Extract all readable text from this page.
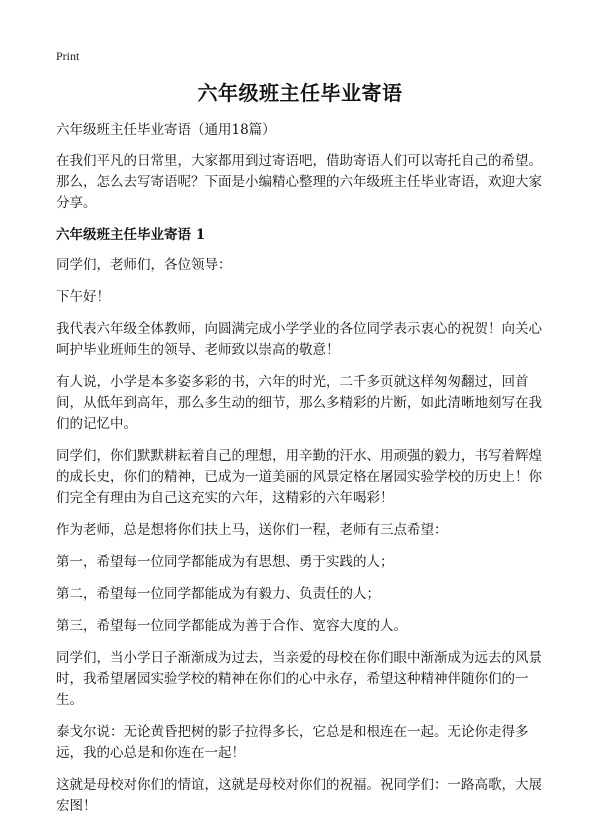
Print
六年级班主任毕业寄语

六年级班主任毕业寄语（通用18篇）

在我们平凡的日常里，大家都用到过寄语吧，借助寄语人们可以寄托自己的希望。那么，怎么去写寄语呢？下面是小编精心整理的六年级班主任毕业寄语，欢迎大家分享。

六年级班主任毕业寄语 1

同学们，老师们，各位领导：

下午好！

我代表六年级全体教师，向圆满完成小学学业的各位同学表示衷心的祝贺！向关心呵护毕业班师生的领导、老师致以崇高的敬意！

有人说，小学是本多姿多彩的书，六年的时光，二千多页就这样匆匆翻过，回首间，从低年到高年，那么多生动的细节，那么多精彩的片断，如此清晰地刻写在我们的记忆中。

同学们，你们默默耕耘着自己的理想，用辛勤的汗水、用顽强的毅力，书写着辉煌的成长史，你们的精神，已成为一道美丽的风景定格在屠园实验学校的历史上！你们完全有理由为自己这充实的六年，这精彩的六年喝彩！

作为老师，总是想将你们扶上马，送你们一程，老师有三点希望：

第一，希望每一位同学都能成为有思想、勇于实践的人；

第二，希望每一位同学都能成为有毅力、负责任的人；

第三，希望每一位同学都能成为善于合作、宽容大度的人。

同学们，当小学日子渐渐成为过去，当亲爱的母校在你们眼中渐渐成为远去的风景时，我希望屠园实验学校的精神在你们的心中永存，希望这种精神伴随你们的一生。

泰戈尔说：无论黄昏把树的影子拉得多长，它总是和根连在一起。无论你走得多远，我的心总是和你连在一起！

这就是母校对你们的情谊，这就是母校对你们的祝福。祝同学们：一路高歌，大展宏图！
